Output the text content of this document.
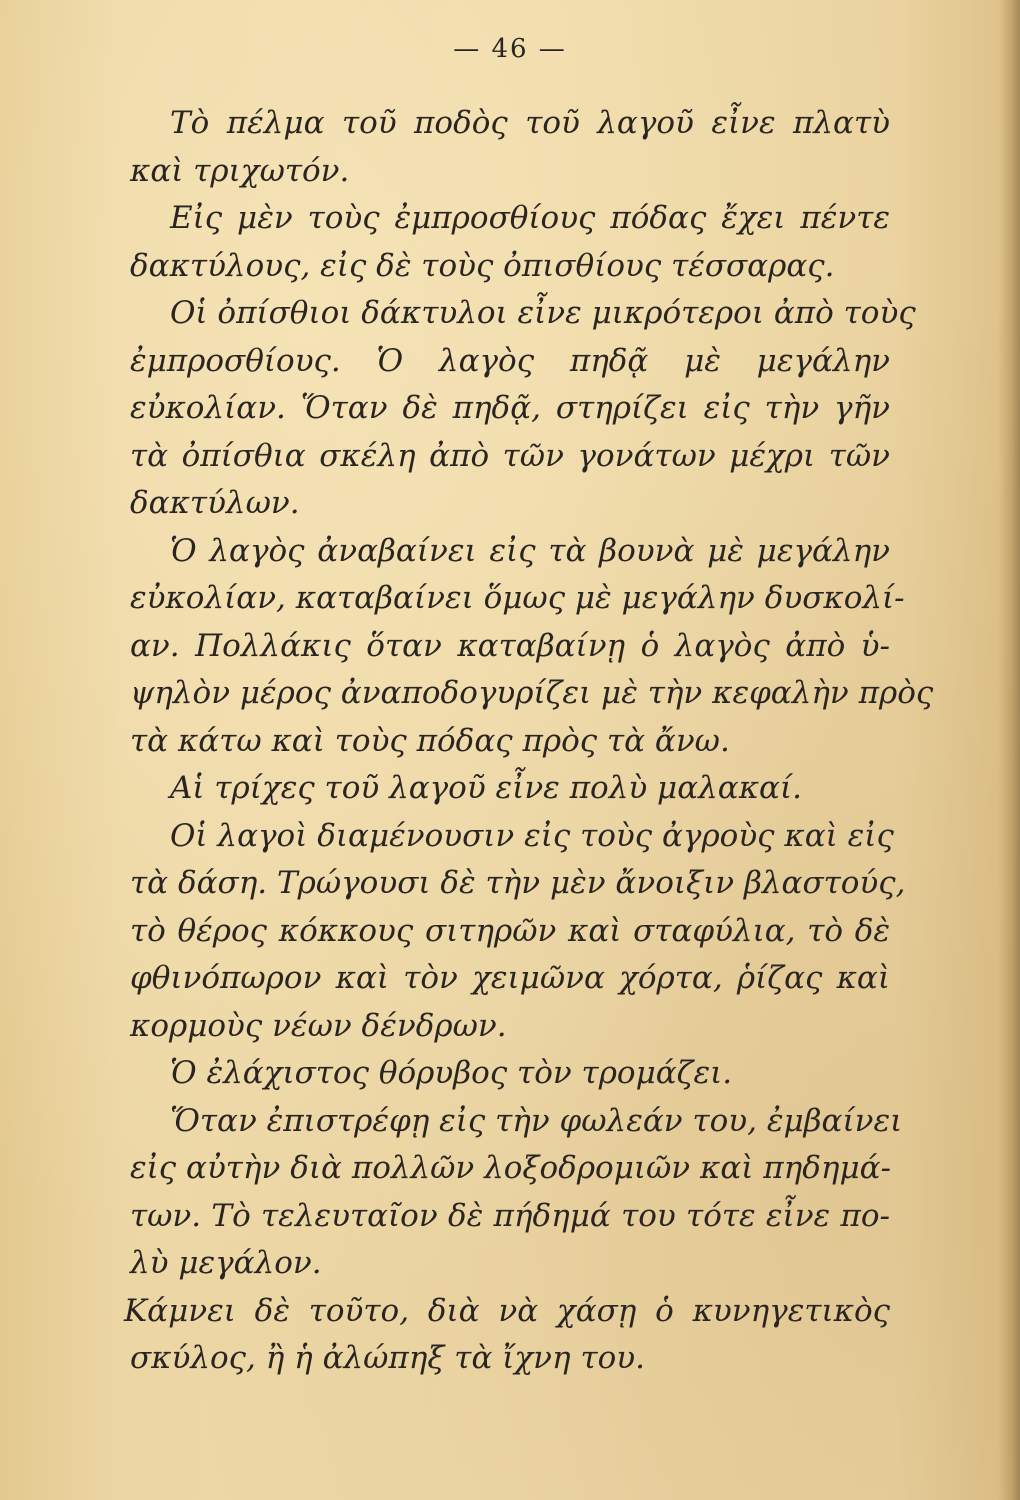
— 46 —
Τὸ πέλμα τοῦ ποδὸς τοῦ λαγοῦ εἶνε πλατὺ
καὶ τριχωτόν.
Εἰς μὲν τοὺς ἐμπροσθίους πόδας ἔχει πέντε
δακτύλους, εἰς δὲ τοὺς ὀπισθίους τέσσαρας.
Οἱ ὀπίσθιοι δάκτυλοι εἶνε μικρότεροι ἀπὸ τοὺς
ἐμπροσθίους. Ὁ λαγὸς πηδᾷ μὲ μεγάλην
εὐκολίαν. Ὅταν δὲ πηδᾷ, στηρίζει εἰς τὴν γῆν
τὰ ὀπίσθια σκέλη ἀπὸ τῶν γονάτων μέχρι τῶν
δακτύλων.
Ὁ λαγὸς ἀναβαίνει εἰς τὰ βουνὰ μὲ μεγάλην
εὐκολίαν, καταβαίνει ὅμως μὲ μεγάλην δυσκολί-
αν. Πολλάκις ὅταν καταβαίνῃ ὁ λαγὸς ἀπὸ ὑ-
ψηλὸν μέρος ἀναποδογυρίζει μὲ τὴν κεφαλὴν πρὸς
τὰ κάτω καὶ τοὺς πόδας πρὸς τὰ ἄνω.
Αἱ τρίχες τοῦ λαγοῦ εἶνε πολὺ μαλακαί.
Οἱ λαγοὶ διαμένουσιν εἰς τοὺς ἀγροὺς καὶ εἰς
τὰ δάση. Τρώγουσι δὲ τὴν μὲν ἄνοιξιν βλαστούς,
τὸ θέρος κόκκους σιτηρῶν καὶ σταφύλια, τὸ δὲ
φθινόπωρον καὶ τὸν χειμῶνα χόρτα, ῥίζας καὶ
κορμοὺς νέων δένδρων.
Ὁ ἐλάχιστος θόρυβος τὸν τρομάζει.
Ὅταν ἐπιστρέφῃ εἰς τὴν φωλεάν του, ἐμβαίνει
εἰς αὐτὴν διὰ πολλῶν λοξοδρομιῶν καὶ πηδημά-
των. Τὸ τελευταῖον δὲ πήδημά του τότε εἶνε πο-
λὺ μεγάλον.
Κάμνει δὲ τοῦτο, διὰ νὰ χάσῃ ὁ κυνηγετικὸς
σκύλος, ἢ ἡ ἀλώπηξ τὰ ἴχνη του.
